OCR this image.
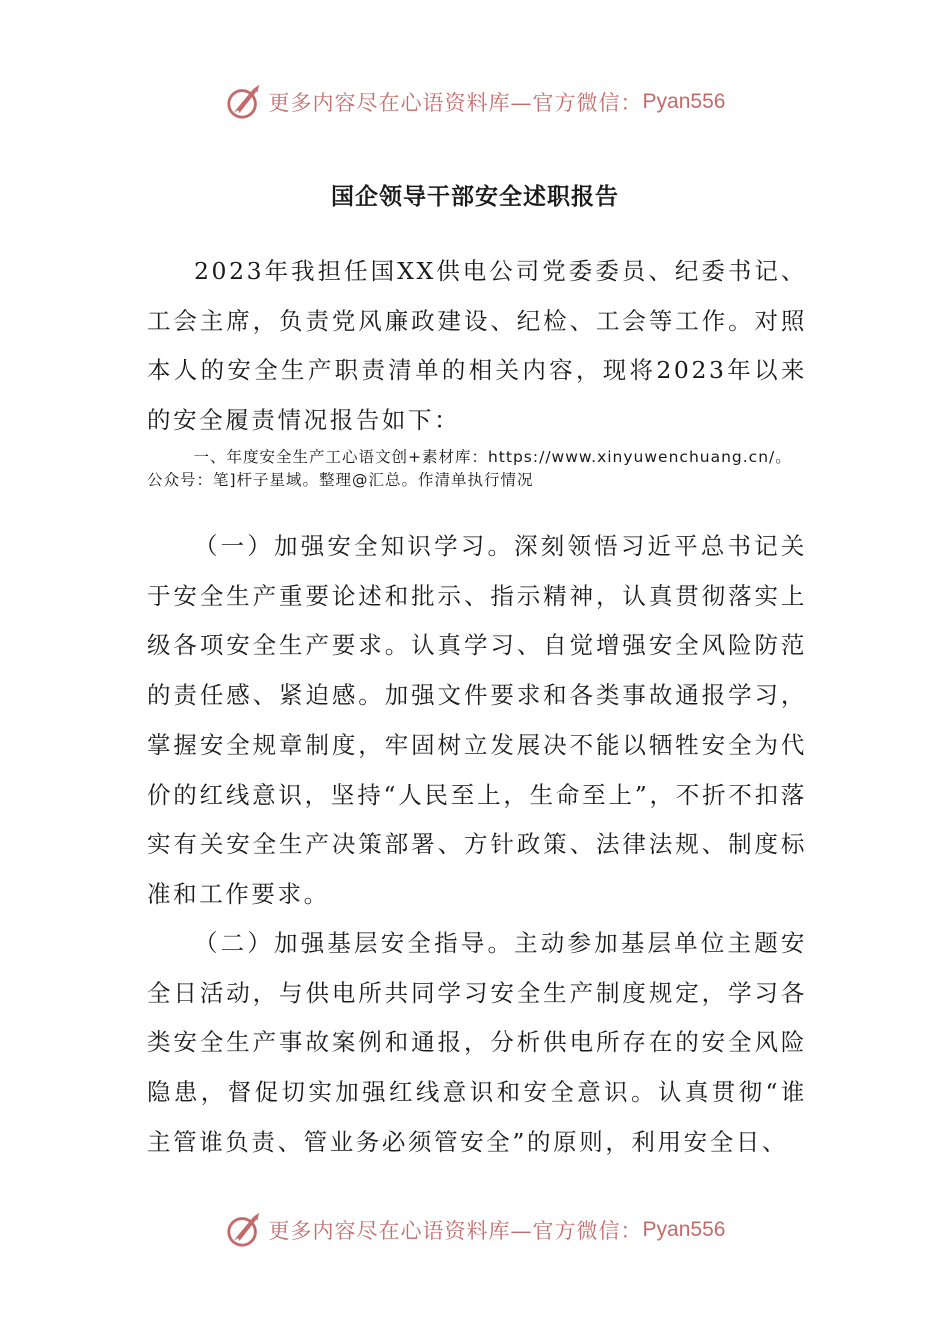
更多内容尽在心语资料库—官方微信： Pyan556
国企领导干部安全述职报告

2023年我担任国XX供电公司党委委员、纪委书记、工会主席，负责党风廉政建设、纪检、工会等工作。对照本人的安全生产职责清单的相关内容，现将2023年以来的安全履责情况报告如下：

一、年度安全生产工心语文创+素材库：https://www.xinyuwenchuang.cn/。公众号：笔]杆子星域。整理@汇总。作清单执行情况

（一）加强安全知识学习。深刻领悟习近平总书记关于安全生产重要论述和批示、指示精神，认真贯彻落实上级各项安全生产要求。认真学习、自觉增强安全风险防范的责任感、紧迫感。加强文件要求和各类事故通报学习，掌握安全规章制度，牢固树立发展决不能以牺牲安全为代价的红线意识，坚持“人民至上，生命至上”，不折不扣落实有关安全生产决策部署、方针政策、法律法规、制度标准和工作要求。

（二）加强基层安全指导。主动参加基层单位主题安全日活动，与供电所共同学习安全生产制度规定，学习各类安全生产事故案例和通报，分析供电所存在的安全风险隐患，督促切实加强红线意识和安全意识。认真贯彻“谁主管谁负责、管业务必须管安全”的原则，利用安全日、

更多内容尽在心语资料库—官方微信： Pyan556
